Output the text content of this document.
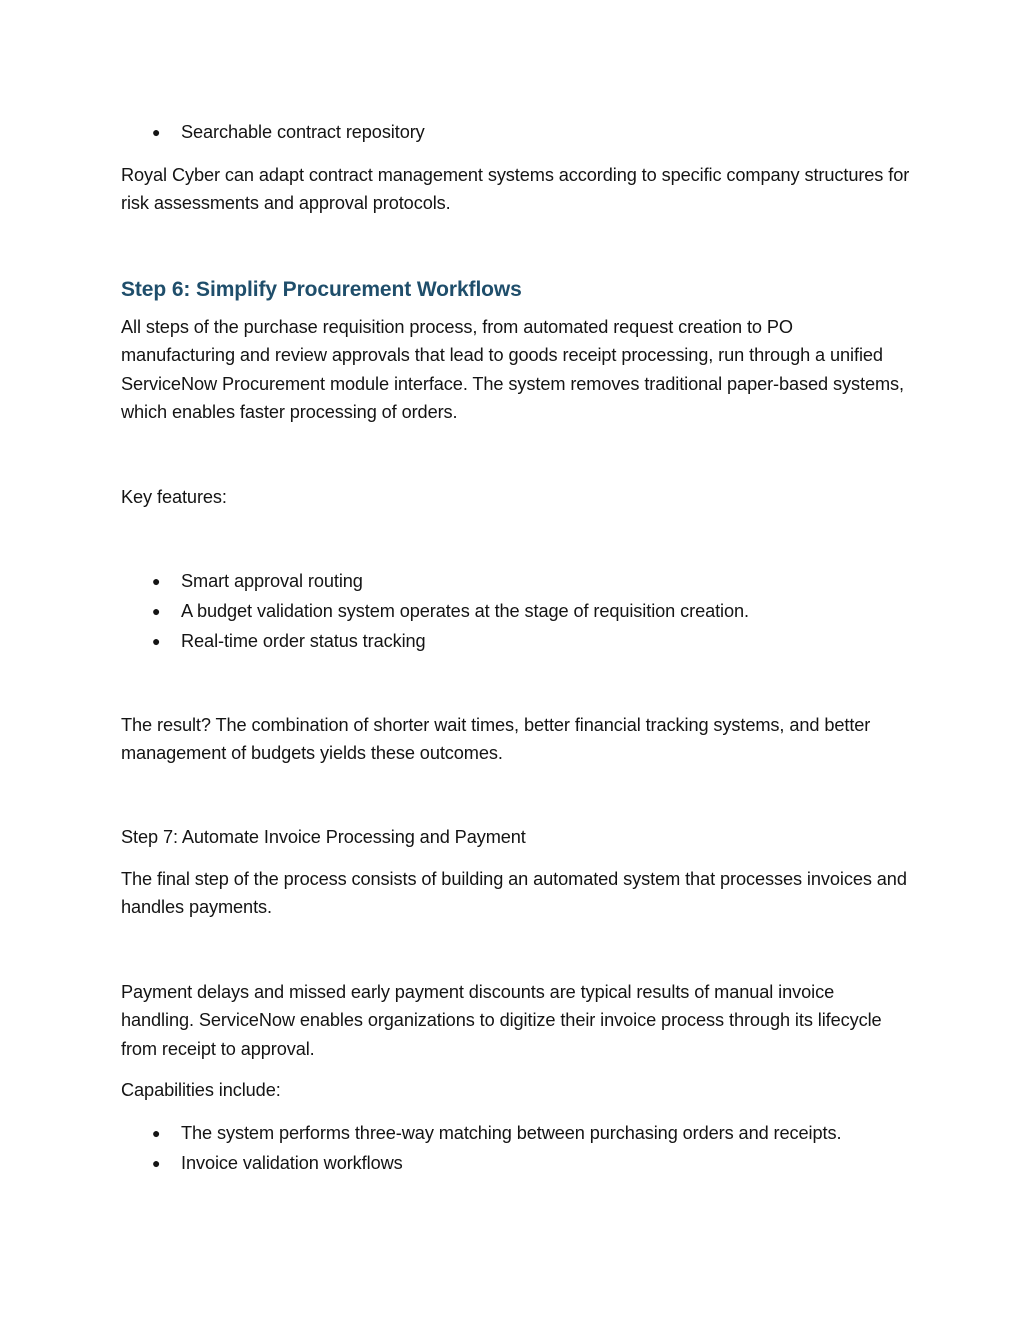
● Searchable contract repository

Royal Cyber can adapt contract management systems according to specific company structures for risk assessments and approval protocols.

Step 6: Simplify Procurement Workflows

All steps of the purchase requisition process, from automated request creation to PO manufacturing and review approvals that lead to goods receipt processing, run through a unified ServiceNow Procurement module interface. The system removes traditional paper-based systems, which enables faster processing of orders.

Key features:

● Smart approval routing
● A budget validation system operates at the stage of requisition creation.
● Real-time order status tracking

The result? The combination of shorter wait times, better financial tracking systems, and better management of budgets yields these outcomes.

Step 7: Automate Invoice Processing and Payment

The final step of the process consists of building an automated system that processes invoices and handles payments.

Payment delays and missed early payment discounts are typical results of manual invoice handling. ServiceNow enables organizations to digitize their invoice process through its lifecycle from receipt to approval.

Capabilities include:

● The system performs three-way matching between purchasing orders and receipts.
● Invoice validation workflows
